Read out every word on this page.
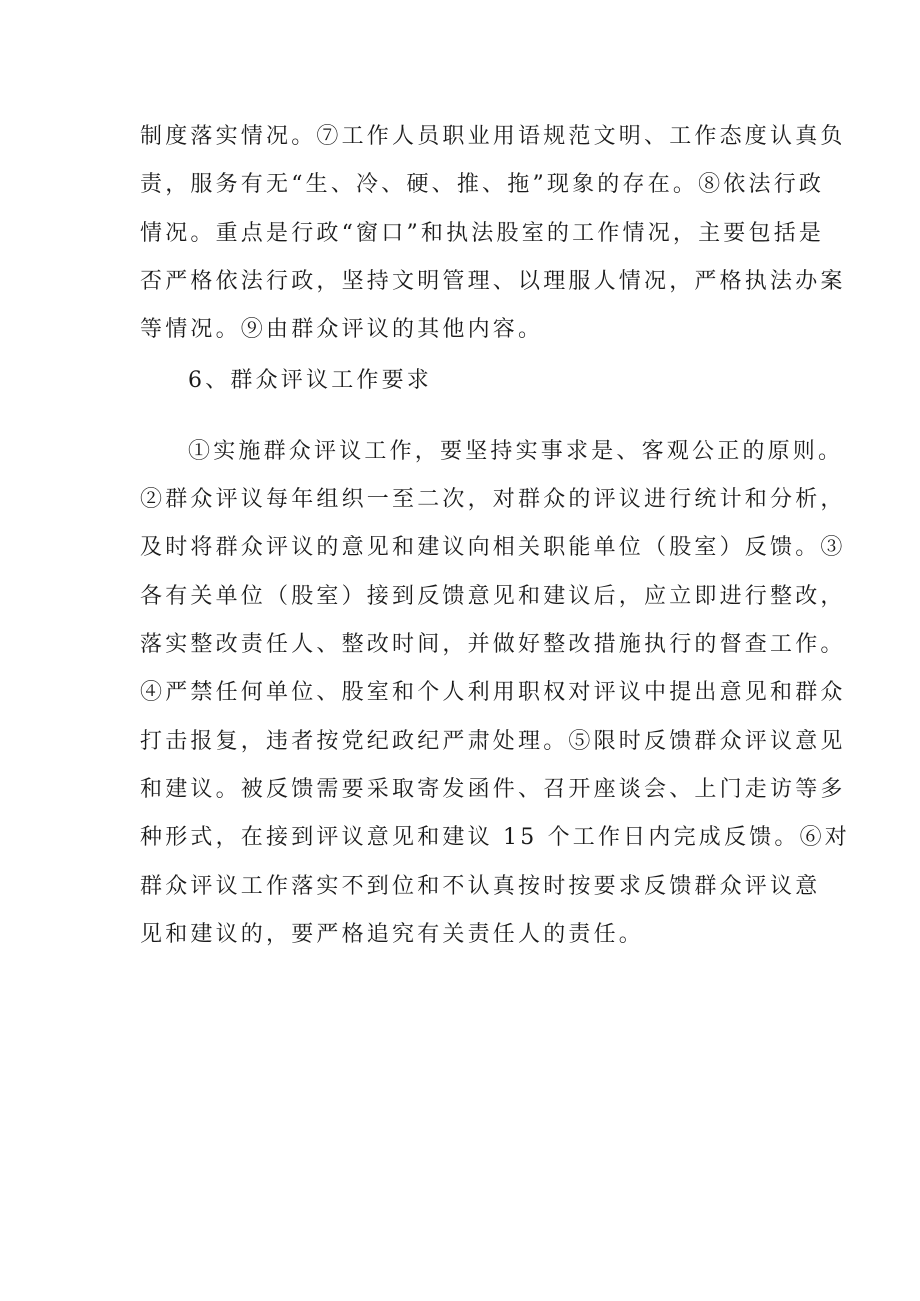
制度落实情况。⑦工作人员职业用语规范文明、工作态度认真负
责，服务有无“生、冷、硬、推、拖”现象的存在。⑧依法行政
情况。重点是行政“窗口”和执法股室的工作情况，主要包括是
否严格依法行政，坚持文明管理、以理服人情况，严格执法办案
等情况。⑨由群众评议的其他内容。
6、群众评议工作要求
①实施群众评议工作，要坚持实事求是、客观公正的原则。
②群众评议每年组织一至二次，对群众的评议进行统计和分析，
及时将群众评议的意见和建议向相关职能单位（股室）反馈。③
各有关单位（股室）接到反馈意见和建议后，应立即进行整改，
落实整改责任人、整改时间，并做好整改措施执行的督查工作。
④严禁任何单位、股室和个人利用职权对评议中提出意见和群众
打击报复，违者按党纪政纪严肃处理。⑤限时反馈群众评议意见
和建议。被反馈需要采取寄发函件、召开座谈会、上门走访等多
种形式，在接到评议意见和建议 15 个工作日内完成反馈。⑥对
群众评议工作落实不到位和不认真按时按要求反馈群众评议意
见和建议的，要严格追究有关责任人的责任。
